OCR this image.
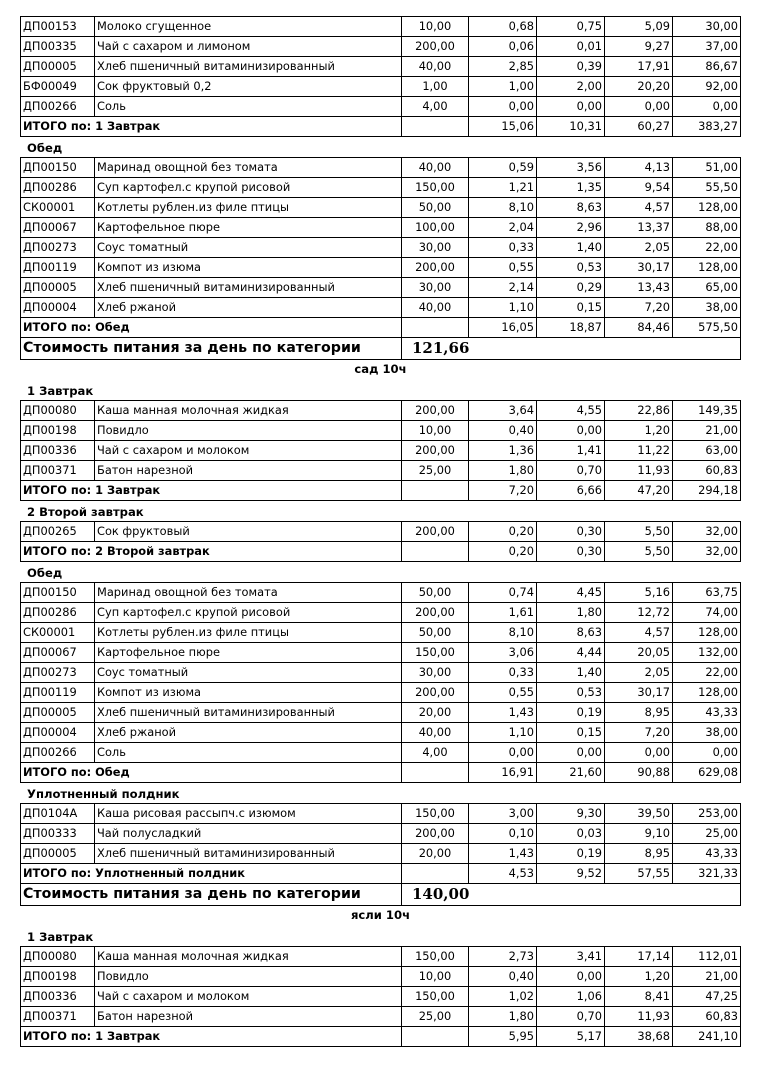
ДП00153	Молоко сгущенное	10,00	0,68	0,75	5,09	30,00
ДП00335	Чай с сахаром и лимоном	200,00	0,06	0,01	9,27	37,00
ДП00005	Хлеб пшеничный витаминизированный	40,00	2,85	0,39	17,91	86,67
БФ00049	Сок фруктовый 0,2	1,00	1,00	2,00	20,20	92,00
ДП00266	Соль	4,00	0,00	0,00	0,00	0,00
ИТОГО по: 1 Завтрак			15,06	10,31	60,27	383,27
Обед
ДП00150	Маринад овощной без томата	40,00	0,59	3,56	4,13	51,00
ДП00286	Суп картофел.с крупой рисовой	150,00	1,21	1,35	9,54	55,50
СК00001	Котлеты рублен.из филе птицы	50,00	8,10	8,63	4,57	128,00
ДП00067	Картофельное пюре	100,00	2,04	2,96	13,37	88,00
ДП00273	Соус томатный	30,00	0,33	1,40	2,05	22,00
ДП00119	Компот из изюма	200,00	0,55	0,53	30,17	128,00
ДП00005	Хлеб пшеничный витаминизированный	30,00	2,14	0,29	13,43	65,00
ДП00004	Хлеб ржаной	40,00	1,10	0,15	7,20	38,00
ИТОГО по: Обед			16,05	18,87	84,46	575,50
Стоимость питания за день по категории		121,66				
сад 10ч
1 Завтрак
ДП00080	Каша манная молочная жидкая	200,00	3,64	4,55	22,86	149,35
ДП00198	Повидло	10,00	0,40	0,00	1,20	21,00
ДП00336	Чай с сахаром и молоком	200,00	1,36	1,41	11,22	63,00
ДП00371	Батон нарезной	25,00	1,80	0,70	11,93	60,83
ИТОГО по: 1 Завтрак			7,20	6,66	47,20	294,18
2 Второй завтрак
ДП00265	Сок фруктовый	200,00	0,20	0,30	5,50	32,00
ИТОГО по: 2 Второй завтрак			0,20	0,30	5,50	32,00
Обед
ДП00150	Маринад овощной без томата	50,00	0,74	4,45	5,16	63,75
ДП00286	Суп картофел.с крупой рисовой	200,00	1,61	1,80	12,72	74,00
СК00001	Котлеты рублен.из филе птицы	50,00	8,10	8,63	4,57	128,00
ДП00067	Картофельное пюре	150,00	3,06	4,44	20,05	132,00
ДП00273	Соус томатный	30,00	0,33	1,40	2,05	22,00
ДП00119	Компот из изюма	200,00	0,55	0,53	30,17	128,00
ДП00005	Хлеб пшеничный витаминизированный	20,00	1,43	0,19	8,95	43,33
ДП00004	Хлеб ржаной	40,00	1,10	0,15	7,20	38,00
ДП00266	Соль	4,00	0,00	0,00	0,00	0,00
ИТОГО по: Обед			16,91	21,60	90,88	629,08
Уплотненный полдник
ДП0104А	Каша рисовая рассыпч.с изюмом	150,00	3,00	9,30	39,50	253,00
ДП00333	Чай полусладкий	200,00	0,10	0,03	9,10	25,00
ДП00005	Хлеб пшеничный витаминизированный	20,00	1,43	0,19	8,95	43,33
ИТОГО по: Уплотненный полдник			4,53	9,52	57,55	321,33
Стоимость питания за день по категории		140,00				
ясли 10ч
1 Завтрак
ДП00080	Каша манная молочная жидкая	150,00	2,73	3,41	17,14	112,01
ДП00198	Повидло	10,00	0,40	0,00	1,20	21,00
ДП00336	Чай с сахаром и молоком	150,00	1,02	1,06	8,41	47,25
ДП00371	Батон нарезной	25,00	1,80	0,70	11,93	60,83
ИТОГО по: 1 Завтрак			5,95	5,17	38,68	241,10
